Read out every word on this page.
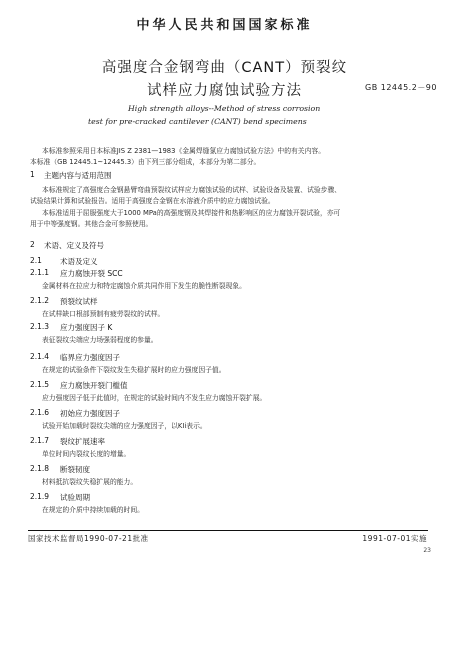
中华人民共和国国家标准
高强度合金钢弯曲（CANT）预裂纹
试样应力腐蚀试验方法	GB 12445.2－90
High strength alloys--Method of stress corrosion
test for pre-cracked cantilever (CANT) bend specimens
本标准参照采用日本标准JIS Z 2381—1983《金属焊缝氯应力腐蚀试验方法》中的有关内容。
本标准（GB 12445.1~12445.3）由下列三部分组成，本部分为第二部分。
1 主题内容与适用范围
本标准规定了高强度合金钢悬臂弯曲预裂纹试样应力腐蚀试验的试样、试验设备及装置、试验步骤、
试验结果计算和试验报告。适用于高强度合金钢在水溶液介质中的应力腐蚀试验。
本标准适用于屈服强度大于1000 MPa的高强度钢及其焊接件和热影响区的应力腐蚀开裂试验，亦可
用于中等强度钢。其他合金可参照使用。
2 术语、定义及符号
2.1 术语及定义
2.1.1 应力腐蚀开裂 SCC
金属材料在拉应力和特定腐蚀介质共同作用下发生的脆性断裂现象。
2.1.2 预裂纹试样
在试样缺口根部预制有疲劳裂纹的试样。
2.1.3 应力强度因子 K
表征裂纹尖端应力场强弱程度的参量。
2.1.4 临界应力强度因子
在规定的试验条件下裂纹发生失稳扩展时的应力强度因子值。
2.1.5 应力腐蚀开裂门槛值
应力强度因子低于此值时，在规定的试验时间内不发生应力腐蚀开裂扩展。
2.1.6 初始应力强度因子
试验开始加载时裂纹尖端的应力强度因子，以KIi表示。
2.1.7 裂纹扩展速率
单位时间内裂纹长度的增量。
2.1.8 断裂韧度
材料抵抗裂纹失稳扩展的能力。
2.1.9 试验周期
在规定的介质中持续加载的时间。
国家技术监督局1990-07-21批准	1991-07-01实施
23
